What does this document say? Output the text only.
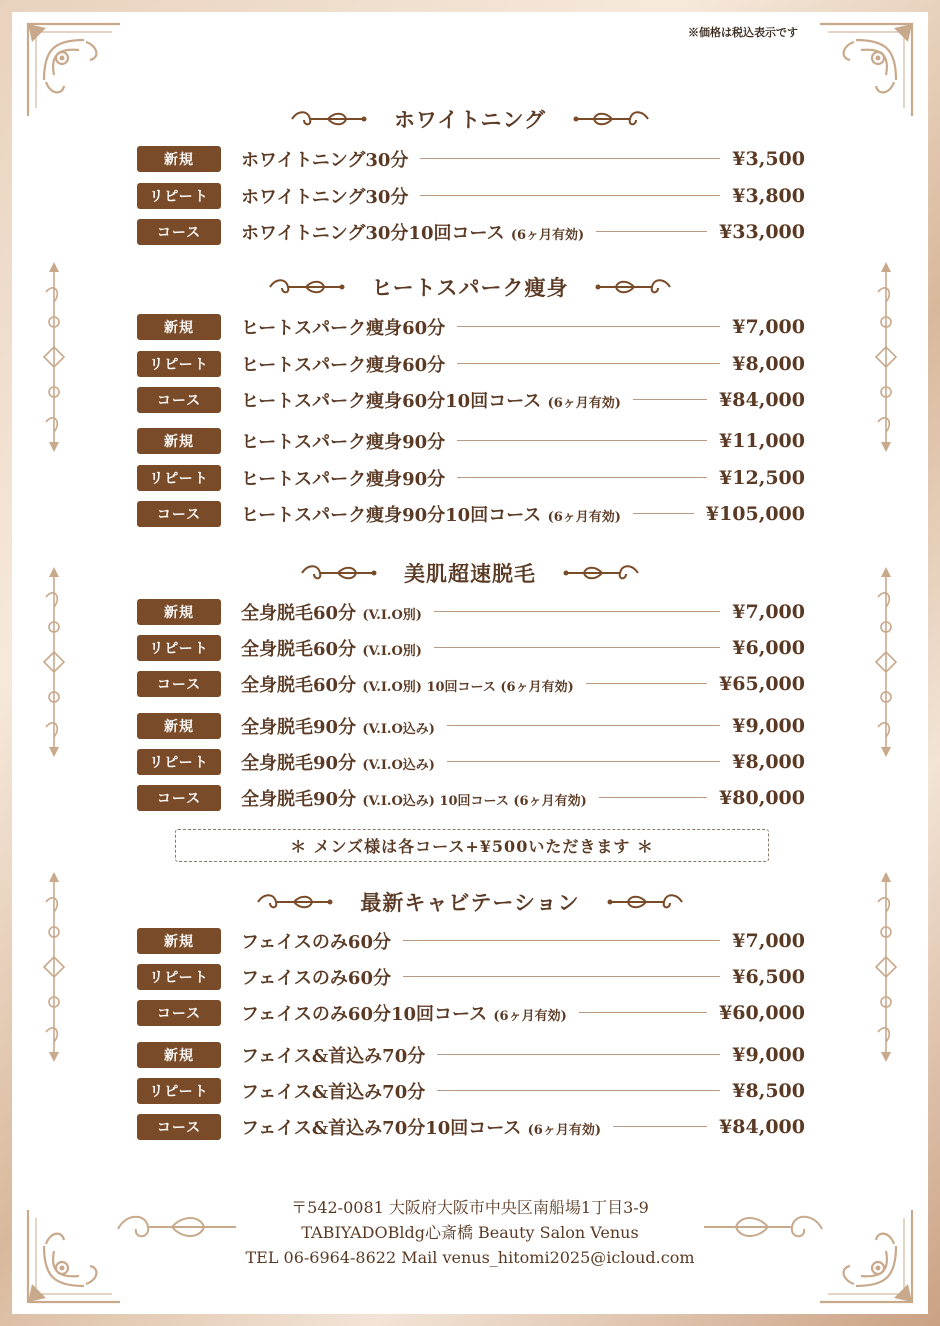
※価格は税込表示です
ホワイトニング
新規	ホワイトニング30分	¥3,500
リピート	ホワイトニング30分	¥3,800
コース	ホワイトニング30分10回コース (6ヶ月有効)	¥33,000
ヒートスパーク痩身
新規	ヒートスパーク痩身60分	¥7,000
リピート	ヒートスパーク痩身60分	¥8,000
コース	ヒートスパーク痩身60分10回コース (6ヶ月有効)	¥84,000
新規	ヒートスパーク痩身90分	¥11,000
リピート	ヒートスパーク痩身90分	¥12,500
コース	ヒートスパーク痩身90分10回コース (6ヶ月有効)	¥105,000
美肌超速脱毛
新規	全身脱毛60分 (V.I.O別)	¥7,000
リピート	全身脱毛60分 (V.I.O別)	¥6,000
コース	全身脱毛60分 (V.I.O別) 10回コース (6ヶ月有効)	¥65,000
新規	全身脱毛90分 (V.I.O込み)	¥9,000
リピート	全身脱毛90分 (V.I.O込み)	¥8,000
コース	全身脱毛90分 (V.I.O込み) 10回コース (6ヶ月有効)	¥80,000
＊ メンズ様は各コース+¥500いただきます ＊
最新キャビテーション
新規	フェイスのみ60分	¥7,000
リピート	フェイスのみ60分	¥6,500
コース	フェイスのみ60分10回コース (6ヶ月有効)	¥60,000
新規	フェイス&首込み70分	¥9,000
リピート	フェイス&首込み70分	¥8,500
コース	フェイス&首込み70分10回コース (6ヶ月有効)	¥84,000
〒542-0081 大阪府大阪市中央区南船場1丁目3-9
TABIYADOBldg心斎橋 Beauty Salon Venus
TEL 06-6964-8622 Mail venus_hitomi2025@icloud.com
